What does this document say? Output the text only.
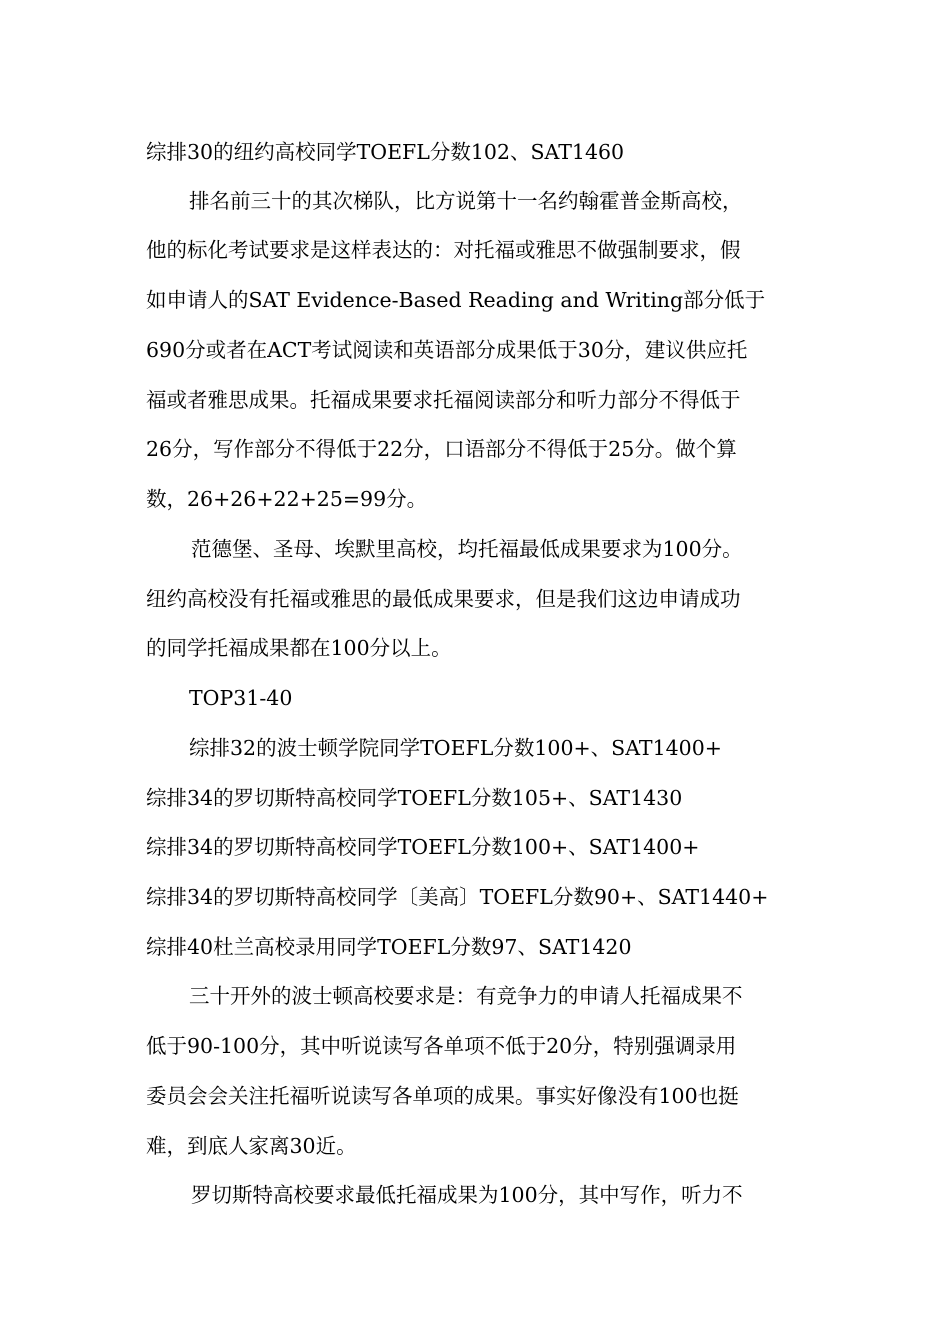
综排30的纽约高校同学TOEFL分数102、SAT1460
排名前三十的其次梯队，比方说第十一名约翰霍普金斯高校，
他的标化考试要求是这样表达的：对托福或雅思不做强制要求，假
如申请人的SAT Evidence-Based Reading and Writing部分低于
690分或者在ACT考试阅读和英语部分成果低于30分，建议供应托
福或者雅思成果。托福成果要求托福阅读部分和听力部分不得低于
26分，写作部分不得低于22分，口语部分不得低于25分。做个算
数，26+26+22+25=99分。
范德堡、圣母、埃默里高校，均托福最低成果要求为100分。
纽约高校没有托福或雅思的最低成果要求，但是我们这边申请成功
的同学托福成果都在100分以上。
TOP31-40
综排32的波士顿学院同学TOEFL分数100+、SAT1400+
综排34的罗切斯特高校同学TOEFL分数105+、SAT1430
综排34的罗切斯特高校同学TOEFL分数100+、SAT1400+
综排34的罗切斯特高校同学〔美高〕TOEFL分数90+、SAT1440+
综排40杜兰高校录用同学TOEFL分数97、SAT1420
三十开外的波士顿高校要求是：有竞争力的申请人托福成果不
低于90-100分，其中听说读写各单项不低于20分，特别强调录用
委员会会关注托福听说读写各单项的成果。事实好像没有100也挺
难，到底人家离30近。
罗切斯特高校要求最低托福成果为100分，其中写作，听力不
